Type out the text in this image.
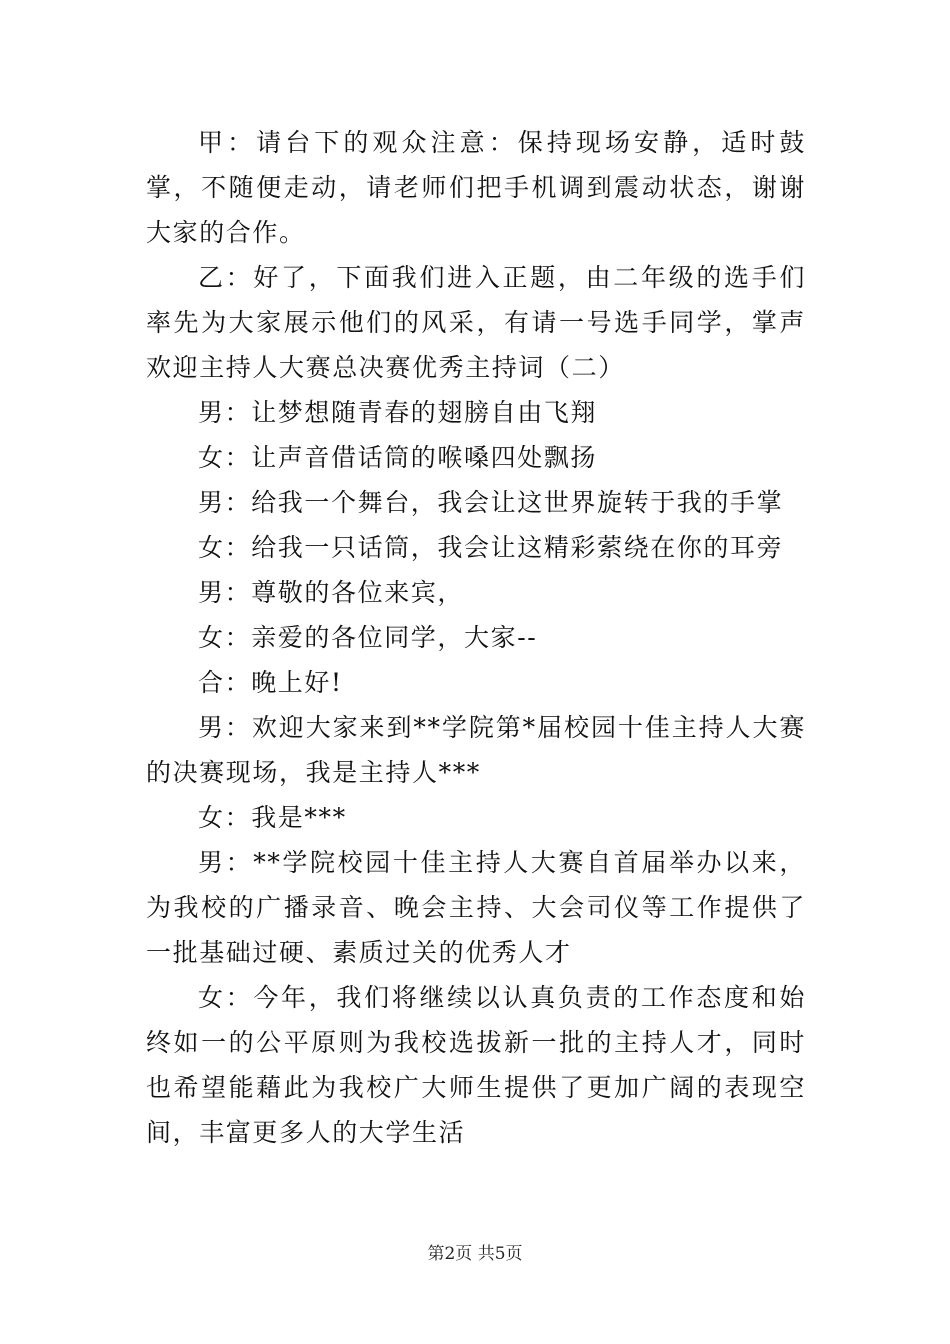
甲：请台下的观众注意：保持现场安静，适时鼓掌，不随便走动，请老师们把手机调到震动状态，谢谢大家的合作。

乙：好了，下面我们进入正题，由二年级的选手们率先为大家展示他们的风采，有请一号选手同学，掌声欢迎主持人大赛总决赛优秀主持词（二）

男：让梦想随青春的翅膀自由飞翔

女：让声音借话筒的喉嗓四处飘扬

男：给我一个舞台，我会让这世界旋转于我的手掌

女：给我一只话筒，我会让这精彩萦绕在你的耳旁

男：尊敬的各位来宾，

女：亲爱的各位同学，大家--

合：晚上好!

男：欢迎大家来到**学院第*届校园十佳主持人大赛的决赛现场，我是主持人***

女：我是***

男：**学院校园十佳主持人大赛自首届举办以来，为我校的广播录音、晚会主持、大会司仪等工作提供了一批基础过硬、素质过关的优秀人才

女：今年，我们将继续以认真负责的工作态度和始终如一的公平原则为我校选拔新一批的主持人才，同时也希望能藉此为我校广大师生提供了更加广阔的表现空间，丰富更多人的大学生活

第2页 共5页
